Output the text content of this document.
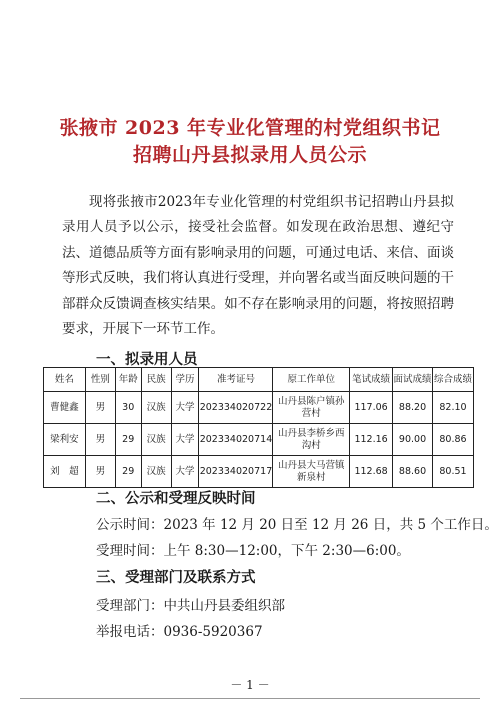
张掖市 2023 年专业化管理的村党组织书记
招聘山丹县拟录用人员公示
现将张掖市2023年专业化管理的村党组织书记招聘山丹县拟录用人员予以公示，接受社会监督。如发现在政治思想、遵纪守法、道德品质等方面有影响录用的问题，可通过电话、来信、面谈等形式反映，我们将认真进行受理，并向署名或当面反映问题的干部群众反馈调查核实结果。如不存在影响录用的问题，将按照招聘要求，开展下一环节工作。
一、拟录用人员
姓名	性别	年龄	民族	学历	准考证号	原工作单位	笔试成绩	面试成绩	综合成绩
曹健鑫	男	30	汉族	大学	202334020722	山丹县陈户镇孙营村	117.06	88.20	82.10
梁利安	男	29	汉族	大学	202334020714	山丹县李桥乡西沟村	112.16	90.00	80.86
刘　超	男	29	汉族	大学	202334020717	山丹县大马营镇新泉村	112.68	88.60	80.51
二、公示和受理反映时间
公示时间：2023 年 12 月 20 日至 12 月 26 日，共 5 个工作日。
受理时间：上午 8:30—12:00，下午 2:30—6:00。
三、受理部门及联系方式
受理部门：中共山丹县委组织部
举报电话：0936-5920367
－ 1 －
